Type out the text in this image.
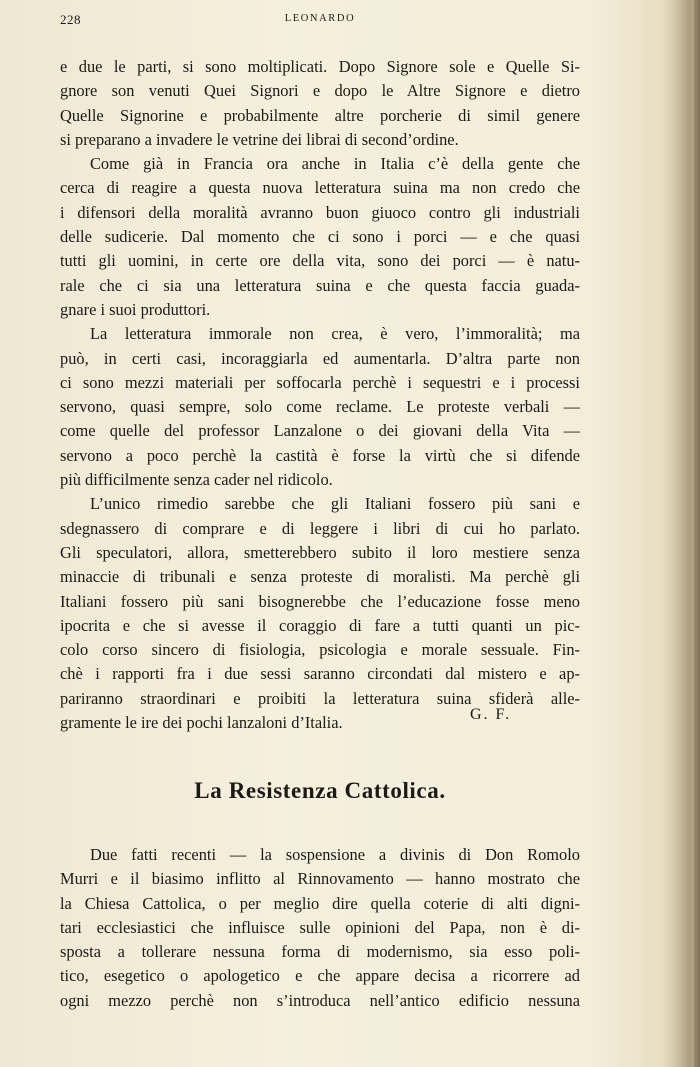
228	LEONARDO
e due le parti, si sono moltiplicati. Dopo Signore sole e Quelle Si-
gnore son venuti Quei Signori e dopo le Altre Signore e dietro
Quelle Signorine e probabilmente altre porcherie di simil genere
si preparano a invadere le vetrine dei librai di second’ordine.
Come già in Francia ora anche in Italia c’è della gente che
cerca di reagire a questa nuova letteratura suina ma non credo che
i difensori della moralità avranno buon giuoco contro gli industriali
delle sudicerie. Dal momento che ci sono i porci — e che quasi
tutti gli uomini, in certe ore della vita, sono dei porci — è natu-
rale che ci sia una letteratura suina e che questa faccia guada-
gnare i suoi produttori.
La letteratura immorale non crea, è vero, l’immoralità; ma
può, in certi casi, incoraggiarla ed aumentarla. D’altra parte non
ci sono mezzi materiali per soffocarla perchè i sequestri e i processi
servono, quasi sempre, solo come reclame. Le proteste verbali —
come quelle del professor Lanzalone o dei giovani della Vita —
servono a poco perchè la castità è forse la virtù che si difende
più difficilmente senza cader nel ridicolo.
L’unico rimedio sarebbe che gli Italiani fossero più sani e
sdegnassero di comprare e di leggere i libri di cui ho parlato.
Gli speculatori, allora, smetterebbero subito il loro mestiere senza
minaccie di tribunali e senza proteste di moralisti. Ma perchè gli
Italiani fossero più sani bisognerebbe che l’educazione fosse meno
ipocrita e che si avesse il coraggio di fare a tutti quanti un pic-
colo corso sincero di fisiologia, psicologia e morale sessuale. Fin-
chè i rapporti fra i due sessi saranno circondati dal mistero e ap-
pariranno straordinari e proibiti la letteratura suina sfiderà alle-
gramente le ire dei pochi lanzaloni d’Italia.	G. F.
La Resistenza Cattolica.
Due fatti recenti — la sospensione a divinis di Don Romolo
Murri e il biasimo inflitto al Rinnovamento — hanno mostrato che
la Chiesa Cattolica, o per meglio dire quella coterie di alti digni-
tari ecclesiastici che influisce sulle opinioni del Papa, non è di-
sposta a tollerare nessuna forma di modernismo, sia esso poli-
tico, esegetico o apologetico e che appare decisa a ricorrere ad
ogni mezzo perchè non s’introduca nell’antico edificio nessuna
